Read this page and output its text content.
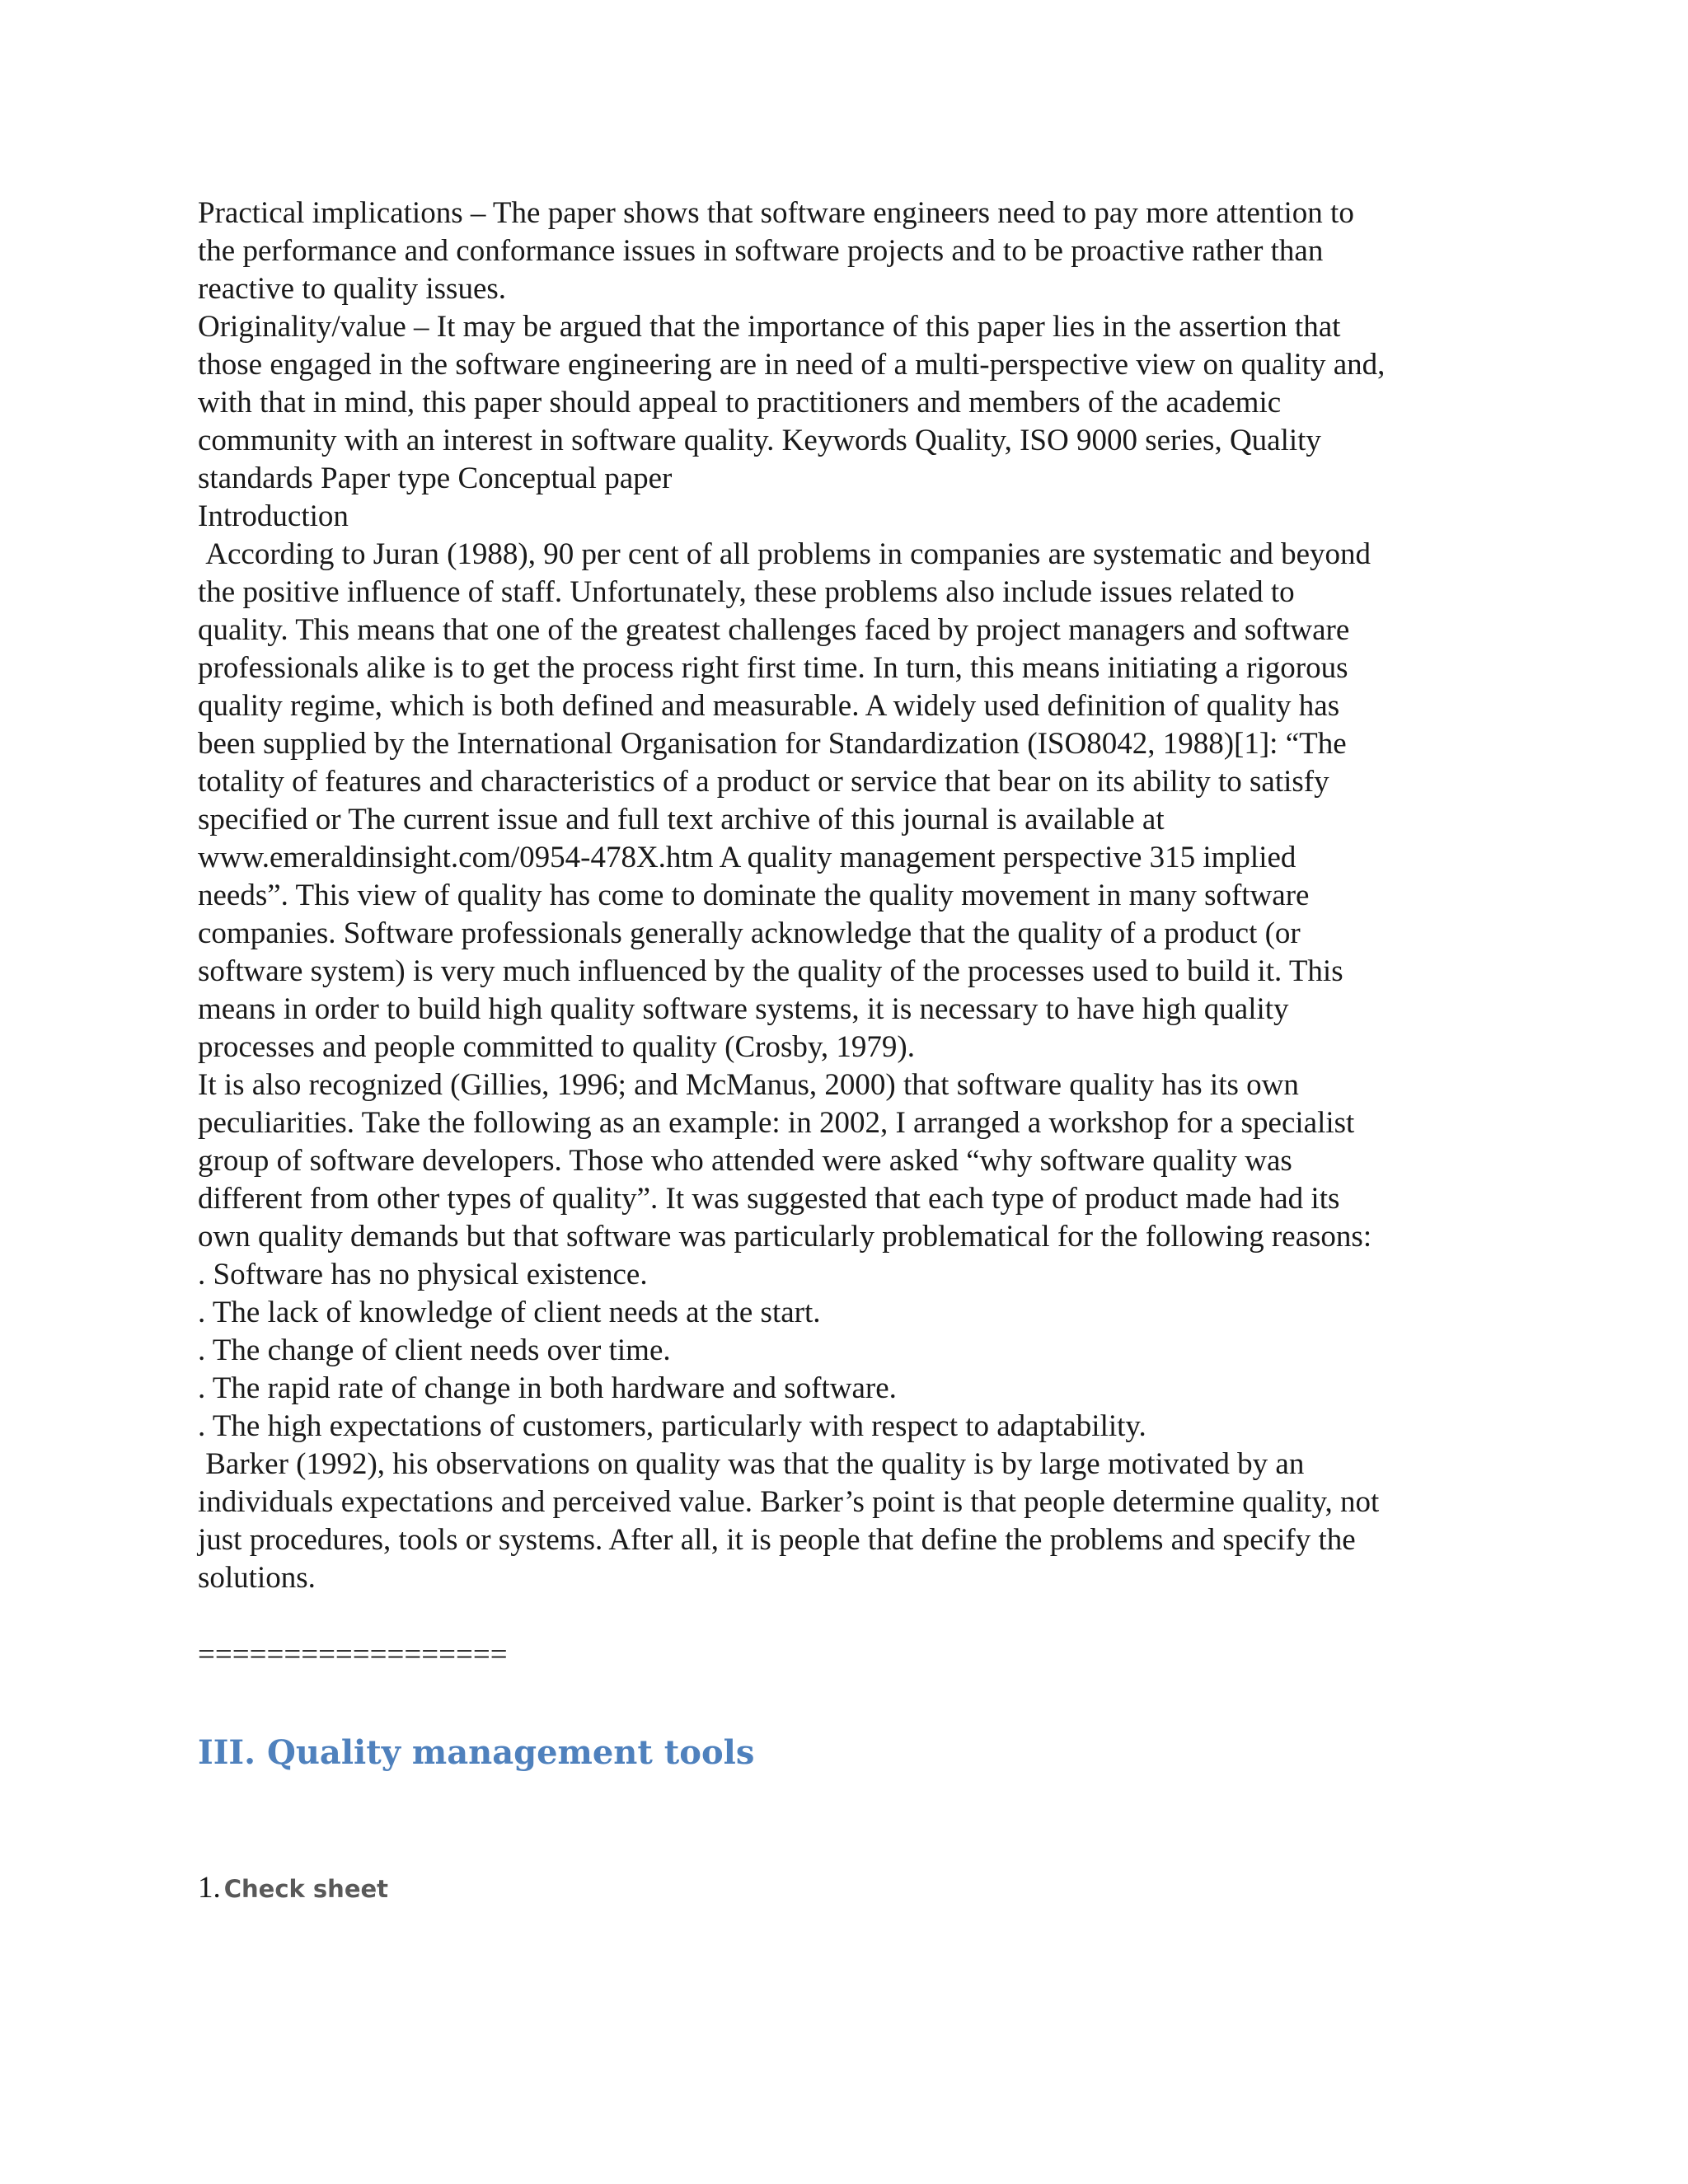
Practical implications – The paper shows that software engineers need to pay more attention to

the performance and conformance issues in software projects and to be proactive rather than

reactive to quality issues.

Originality/value – It may be argued that the importance of this paper lies in the assertion that

those engaged in the software engineering are in need of a multi-perspective view on quality and,

with that in mind, this paper should appeal to practitioners and members of the academic

community with an interest in software quality. Keywords Quality, ISO 9000 series, Quality

standards Paper type Conceptual paper

Introduction

According to Juran (1988), 90 per cent of all problems in companies are systematic and beyond

the positive influence of staff. Unfortunately, these problems also include issues related to

quality. This means that one of the greatest challenges faced by project managers and software

professionals alike is to get the process right first time. In turn, this means initiating a rigorous

quality regime, which is both defined and measurable. A widely used definition of quality has

been supplied by the International Organisation for Standardization (ISO8042, 1988)[1]: “The

totality of features and characteristics of a product or service that bear on its ability to satisfy

specified or The current issue and full text archive of this journal is available at

www.emeraldinsight.com/0954-478X.htm A quality management perspective 315 implied

needs”. This view of quality has come to dominate the quality movement in many software

companies. Software professionals generally acknowledge that the quality of a product (or

software system) is very much influenced by the quality of the processes used to build it. This

means in order to build high quality software systems, it is necessary to have high quality

processes and people committed to quality (Crosby, 1979).

It is also recognized (Gillies, 1996; and McManus, 2000) that software quality has its own

peculiarities. Take the following as an example: in 2002, I arranged a workshop for a specialist

group of software developers. Those who attended were asked “why software quality was

different from other types of quality”. It was suggested that each type of product made had its

own quality demands but that software was particularly problematical for the following reasons:

. Software has no physical existence.

. The lack of knowledge of client needs at the start.

. The change of client needs over time.

. The rapid rate of change in both hardware and software.

. The high expectations of customers, particularly with respect to adaptability.

Barker (1992), his observations on quality was that the quality is by large motivated by an

individuals expectations and perceived value. Barker’s point is that people determine quality, not

just procedures, tools or systems. After all, it is people that define the problems and specify the

solutions.

==================
III. Quality management tools
1. Check sheet
